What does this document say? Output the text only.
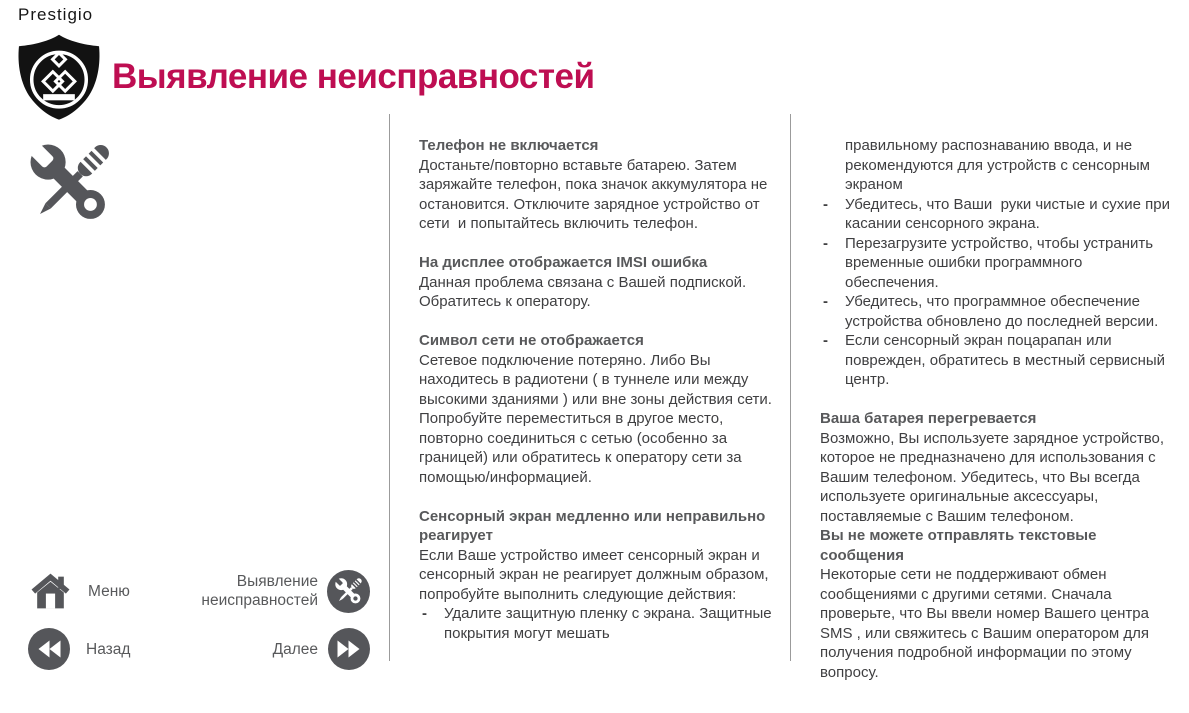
Prestigio
Выявление неисправностей
Телефон не включается
Достаньте/повторно вставьте батарею. Затем заряжайте телефон, пока значок аккумулятора не остановится. Отключите зарядное устройство от сети  и попытайтесь включить телефон.
На дисплее отображается IMSI ошибка
Данная проблема связана с Вашей подпиской. Обратитесь к оператору.
Символ сети не отображается
Сетевое подключение потеряно. Либо Вы находитесь в радиотени ( в туннеле или между высокими зданиями ) или вне зоны действия сети. Попробуйте переместиться в другое место, повторно соединиться с сетью (особенно за границей) или обратитесь к оператору сети за помощью/информацией.
Сенсорный экран медленно или неправильно реагирует
Если Ваше устройство имеет сенсорный экран и сенсорный экран не реагирует должным образом, попробуйте выполнить следующие действия:
- Удалите защитную пленку с экрана. Защитные покрытия могут мешать
правильному распознаванию ввода, и не рекомендуются для устройств с сенсорным экраном
- Убедитесь, что Ваши  руки чистые и сухие при касании сенсорного экрана.
- Перезагрузите устройство, чтобы устранить временные ошибки программного обеспечения.
- Убедитесь, что программное обеспечение устройства обновлено до последней версии.
- Если сенсорный экран поцарапан или поврежден, обратитесь в местный сервисный центр.
Ваша батарея перегревается
Возможно, Вы используете зарядное устройство, которое не предназначено для использования с Вашим телефоном. Убедитесь, что Вы всегда используете оригинальные аксессуары, поставляемые с Вашим телефоном.
Вы не можете отправлять текстовые сообщения
Некоторые сети не поддерживают обмен сообщениями с другими сетями. Сначала проверьте, что Вы ввели номер Вашего центра SMS , или свяжитесь с Вашим оператором для получения подробной информации по этому вопросу.
Меню
Назад
Выявление
неисправностей
Далее
